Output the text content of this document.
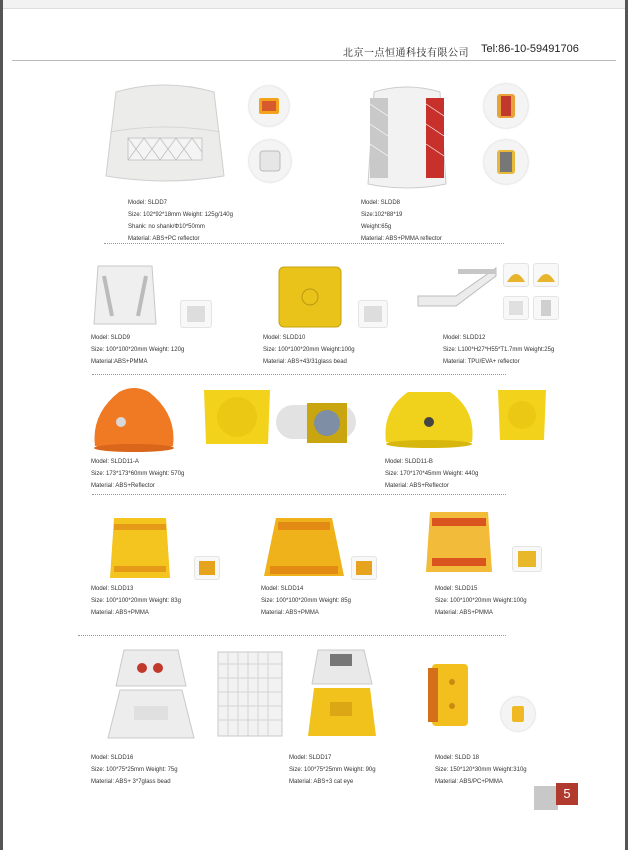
北京一点恒通科技有限公司 Tel:86-10-59491706
Model: SLDD7
Size: 102*92*18mm Weight: 125g/140g
Shank: no shank/Φ10*50mm
Material: ABS+PC reflector
Model: SLDD8
Size:102*88*19
Weight:65g
Material: ABS+PMMA reflector
Model: SLDD9
Size: 100*100*20mm Weight: 120g
Material:ABS+PMMA
Model: SLDD10
Size: 100*100*20mm Weight:100g
Material: ABS+43/31glass bead
Model: SLDD12
Size: L100*H27*H55*T1.7mm Weight:25g
Material: TPU/EVA+ reflector
Model: SLDD11-A
Size: 173*173*60mm Weight: 570g
Material: ABS+Reflector
Model: SLDD11-B
Size: 170*170*45mm Weight: 440g
Material: ABS+Reflector
Model: SLDD13
Size: 100*100*20mm Weight: 83g
Material: ABS+PMMA
Model: SLDD14
Size: 100*100*20mm Weight: 85g
Material: ABS+PMMA
Model: SLDD15
Size: 100*100*20mm Weight:100g
Material: ABS+PMMA
Model: SLDD16
Size: 100*75*25mm Weight: 75g
Material: ABS+ 3*7glass bead
Model: SLDD17
Size: 100*75*25mm Weight: 90g
Material: ABS+3 cat eye
Model: SLDD 18
Size: 150*120*30mm Weight:310g
Material: ABS/PC+PMMA
5
